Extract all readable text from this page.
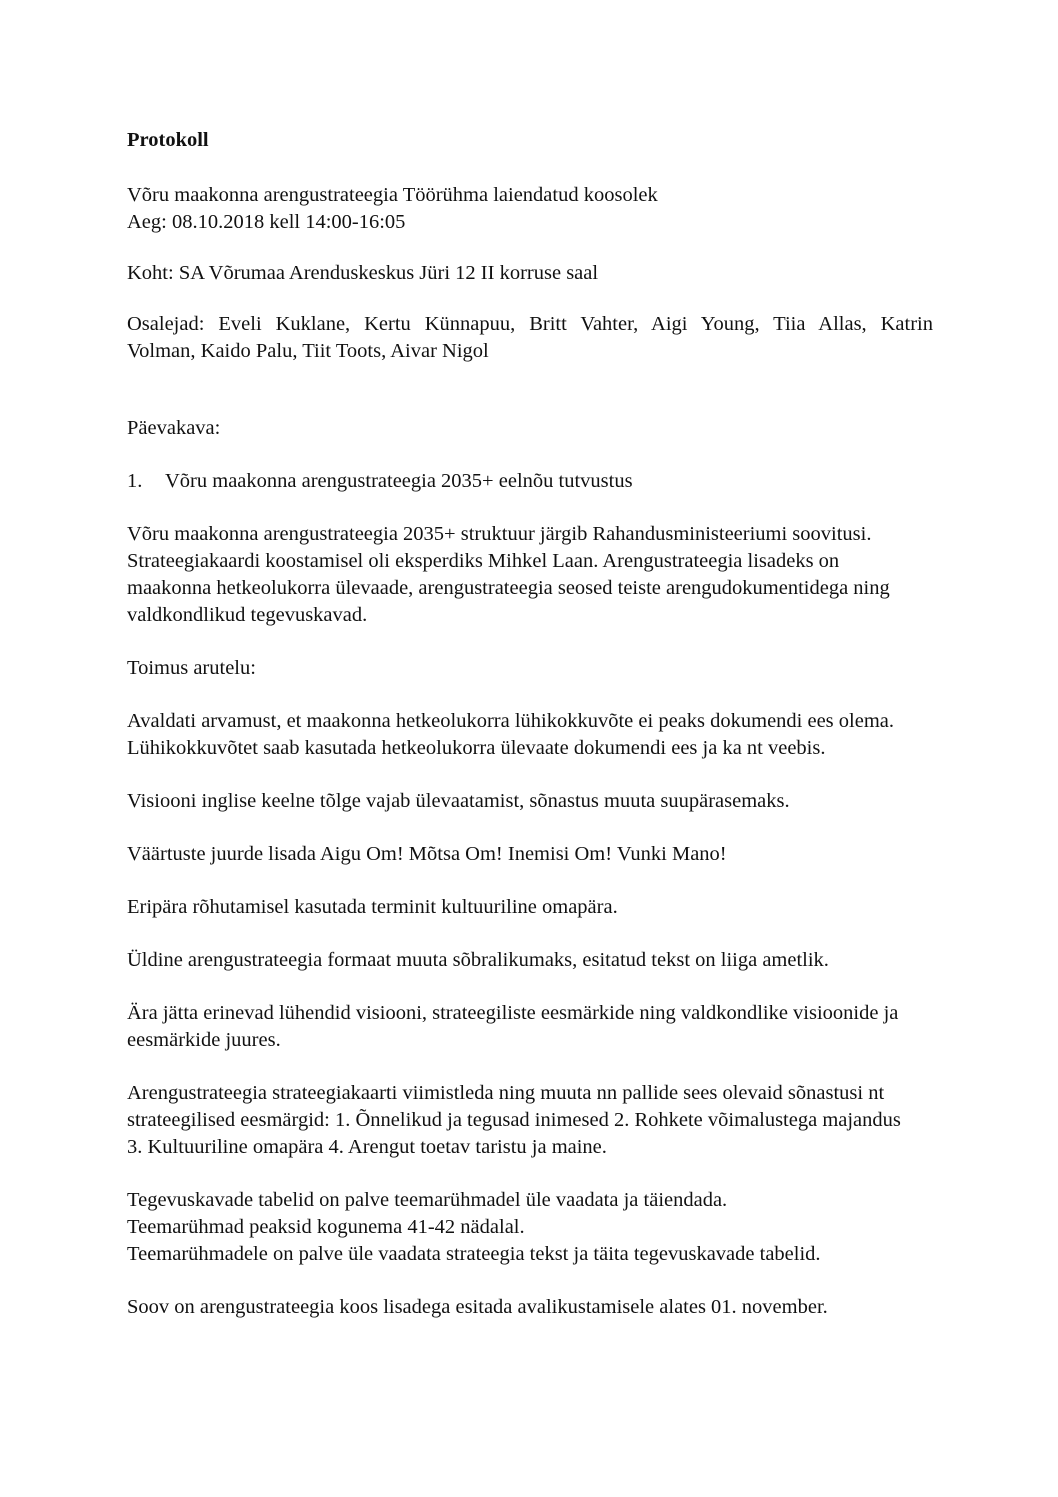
Protokoll
Võru maakonna arengustrateegia Töörühma laiendatud koosolek
Aeg: 08.10.2018 kell 14:00-16:05
Koht: SA Võrumaa Arenduskeskus Jüri 12 II korruse saal
Osalejad: Eveli Kuklane, Kertu Künnapuu, Britt Vahter, Aigi Young, Tiia Allas, Katrin
Volman, Kaido Palu, Tiit Toots, Aivar Nigol
Päevakava:
1.	Võru maakonna arengustrateegia 2035+ eelnõu tutvustus
Võru maakonna arengustrateegia 2035+ struktuur järgib Rahandusministeeriumi soovitusi.
Strateegiakaardi koostamisel oli eksperdiks Mihkel Laan. Arengustrateegia lisadeks on
maakonna hetkeolukorra ülevaade, arengustrateegia seosed teiste arengudokumentidega ning
valdkondlikud tegevuskavad.
Toimus arutelu:
Avaldati arvamust, et maakonna hetkeolukorra lühikokkuvõte ei peaks dokumendi ees olema.
Lühikokkuvõtet saab kasutada hetkeolukorra ülevaate dokumendi ees ja ka nt veebis.
Visiooni inglise keelne tõlge vajab ülevaatamist, sõnastus muuta suupärasemaks.
Väärtuste juurde lisada Aigu Om! Mõtsa Om! Inemisi Om! Vunki Mano!
Eripära rõhutamisel kasutada terminit kultuuriline omapära.
Üldine arengustrateegia formaat muuta sõbralikumaks, esitatud tekst on liiga ametlik.
Ära jätta erinevad lühendid visiooni, strateegiliste eesmärkide ning valdkondlike visioonide ja
eesmärkide juures.
Arengustrateegia strateegiakaarti viimistleda ning muuta nn pallide sees olevaid sõnastusi nt
strateegilised eesmärgid: 1. Õnnelikud ja tegusad inimesed 2. Rohkete võimalustega majandus
3. Kultuuriline omapära 4. Arengut toetav taristu ja maine.
Tegevuskavade tabelid on palve teemarühmadel üle vaadata ja täiendada.
Teemarühmad peaksid kogunema 41-42 nädalal.
Teemarühmadele on palve üle vaadata strateegia tekst ja täita tegevuskavade tabelid.
Soov on arengustrateegia koos lisadega esitada avalikustamisele alates 01. november.
